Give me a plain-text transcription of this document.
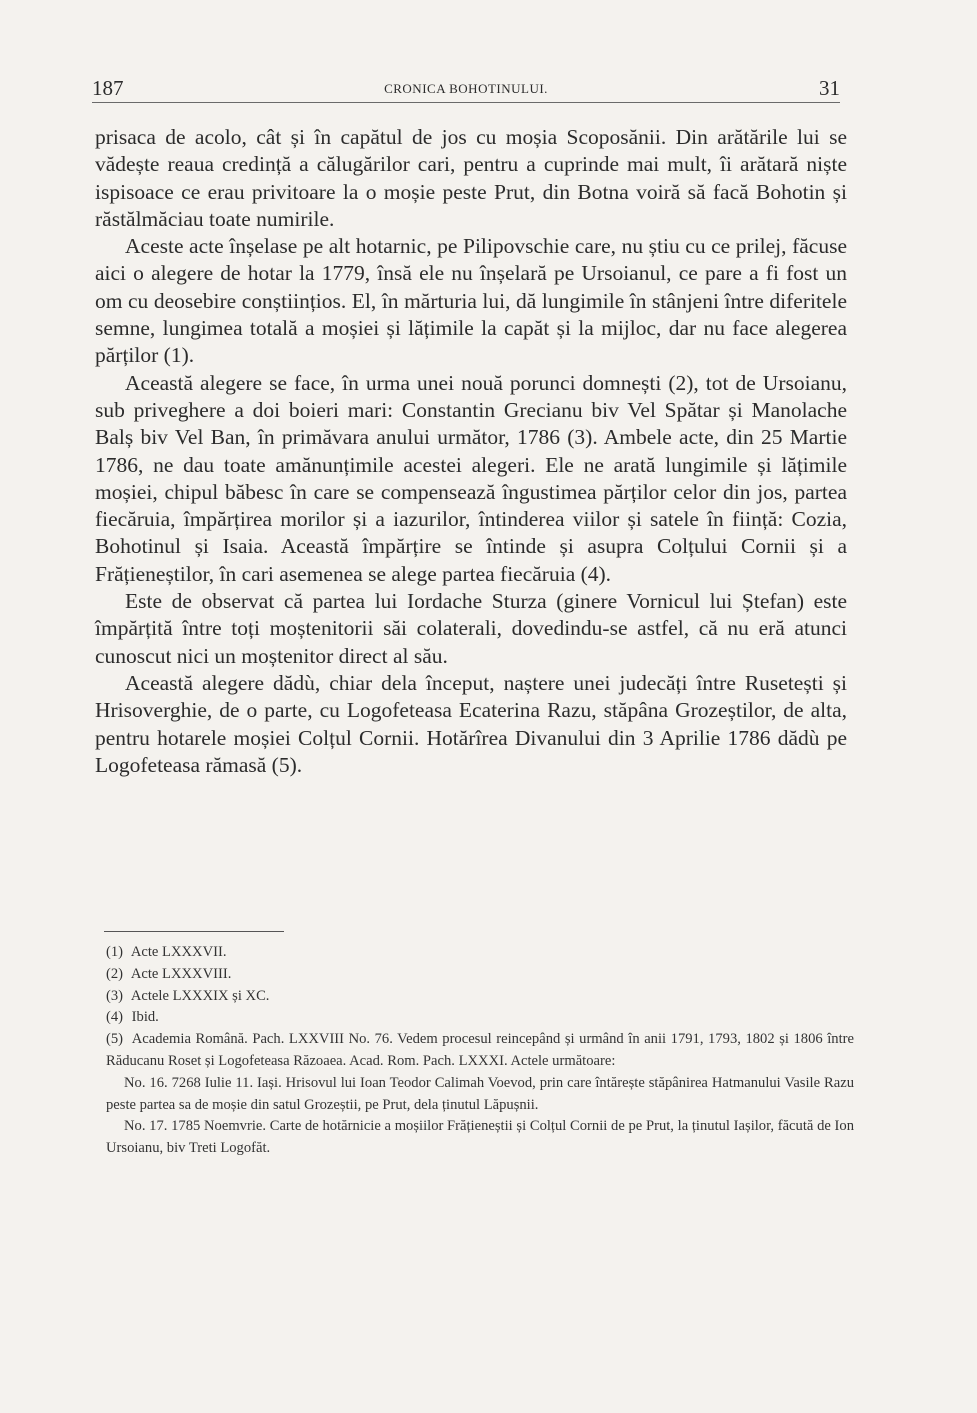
187	CRONICA BOHOTINULUI.	31

prisaca de acolo, cât și în capătul de jos cu moșia Scoposănii. Din arătările lui se vădește reaua credință a călugărilor cari, pentru a cuprinde mai mult, îi arătară niște ispisoace ce erau privitoare la o moșie peste Prut, din Botna voiră să facă Bohotin și răstălmăciau toate numirile.

Aceste acte înșelase pe alt hotarnic, pe Pilipovschie care, nu știu cu ce prilej, făcuse aici o alegere de hotar la 1779, însă ele nu înșelară pe Ursoianul, ce pare a fi fost un om cu deosebire conștiințios. El, în mărturia lui, dă lungimile în stânjeni între diferitele semne, lungimea totală a moșiei și lățimile la capăt și la mijloc, dar nu face alegerea părților (1).

Această alegere se face, în urma unei nouă porunci domnești (2), tot de Ursoianu, sub priveghere a doi boieri mari: Constantin Grecianu biv Vel Spătar și Manolache Balș biv Vel Ban, în primăvara anului următor, 1786 (3). Ambele acte, din 25 Martie 1786, ne dau toate amănunțimile acestei alegeri. Ele ne arată lungimile și lățimile moșiei, chipul băbesc în care se compensează îngustimea părților celor din jos, partea fiecăruia, împărțirea morilor și a iazurilor, întinderea viilor și satele în ființă: Cozia, Bohotinul și Isaia. Această împărțire se întinde și asupra Colțului Cornii și a Frățieneștilor, în cari asemenea se alege partea fiecăruia (4).

Este de observat că partea lui Iordache Sturza (ginere Vornicul lui Ștefan) este împărțită între toți moștenitorii săi colaterali, dovedindu-se astfel, că nu eră atunci cunoscut nici un moștenitor direct al său.

Această alegere dădù, chiar dela început, naștere unei judecăți între Rusetești și Hrisoverghie, de o parte, cu Logofeteasa Ecaterina Razu, stăpâna Grozeștilor, de alta, pentru hotarele moșiei Colțul Cornii. Hotărîrea Divanului din 3 Aprilie 1786 dădù pe Logofeteasa rămasă (5).

(1) Acte LXXXVII.

(2) Acte LXXXVIII.

(3) Actele LXXXIX și XC.

(4) Ibid.

(5) Academia Română. Pach. LXXVIII No. 76. Vedem procesul reincepând și urmând în anii 1791, 1793, 1802 și 1806 între Răducanu Roset și Logofeteasa Răzoaea. Acad. Rom. Pach. LXXXI. Actele următoare:

No. 16. 7268 Iulie 11. Iași. Hrisovul lui Ioan Teodor Calimah Voevod, prin care întărește stăpânirea Hatmanului Vasile Razu peste partea sa de moșie din satul Grozeștii, pe Prut, dela ținutul Lăpușnii.

No. 17. 1785 Noemvrie. Carte de hotărnicie a moșiilor Frățieneștii și Colțul Cornii de pe Prut, la ținutul Iașilor, făcută de Ion Ursoianu, biv Treti Logofăt.
